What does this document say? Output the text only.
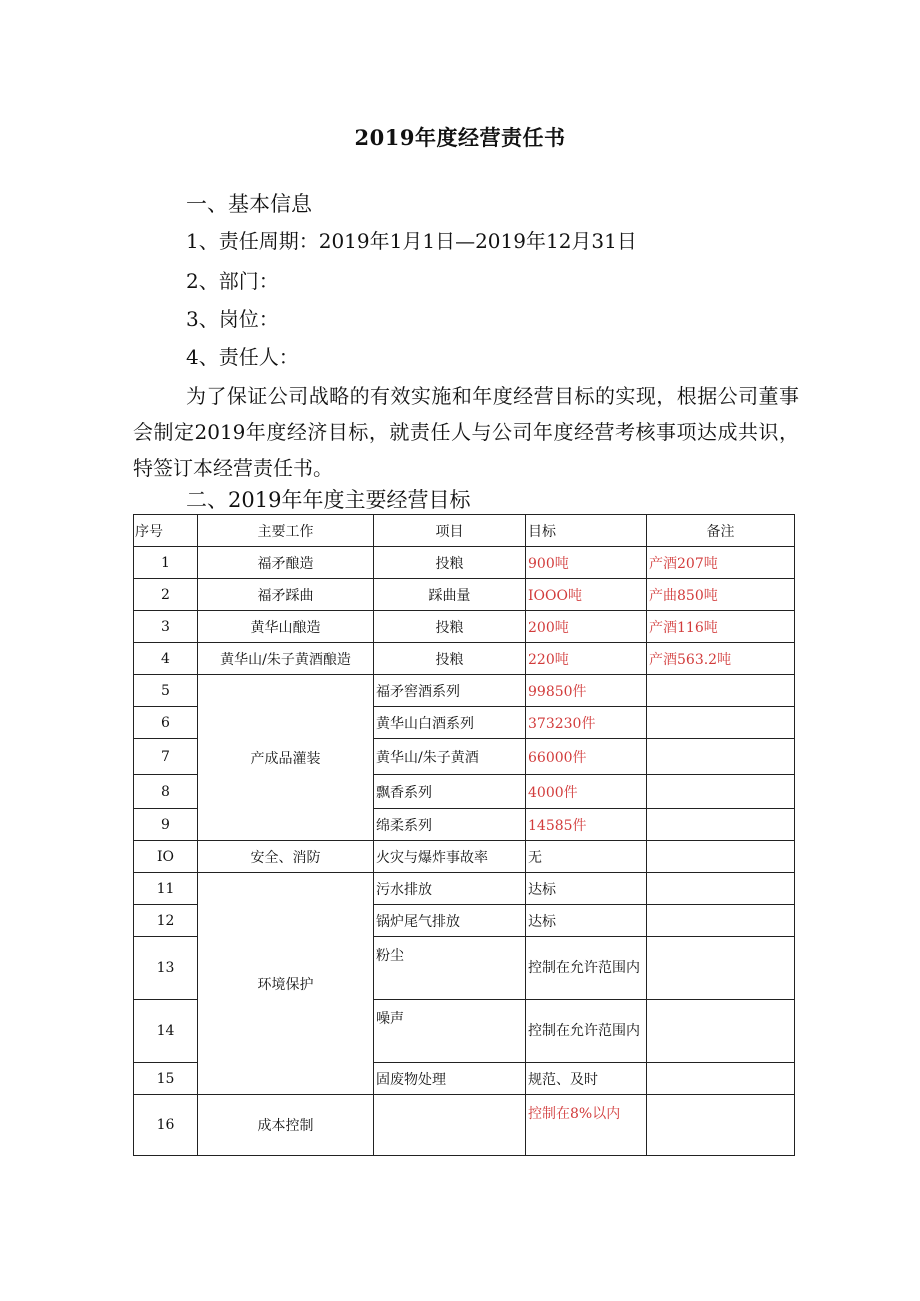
2019年度经营责任书
一、基本信息
1、责任周期：2019年1月1日—2019年12月31日
2、部门：
3、岗位：
4、责任人：
为了保证公司战略的有效实施和年度经营目标的实现，根据公司董事会制定2019年度经济目标，就责任人与公司年度经营考核事项达成共识，特签订本经营责任书。
二、2019年年度主要经营目标
序号	主要工作	项目	目标	备注
1	福矛酿造	投粮	900吨	产酒207吨
2	福矛踩曲	踩曲量	IOOO吨	产曲850吨
3	黄华山酿造	投粮	200吨	产酒116吨
4	黄华山/朱子黄酒酿造	投粮	220吨	产酒563.2吨
5	产成品灌装	福矛窖酒系列	99850件	
6		黄华山白酒系列	373230件	
7		黄华山/朱子黄酒	66000件	
8		飘香系列	4000件	
9		绵柔系列	14585件	
IO	安全、消防	火灾与爆炸事故率	无	
11	环境保护	污水排放	达标	
12		锅炉尾气排放	达标	
13		粉尘	控制在允许范围内	
14		噪声	控制在允许范围内	
15		固废物处理	规范、及时	
16	成本控制		控制在8%以内	
